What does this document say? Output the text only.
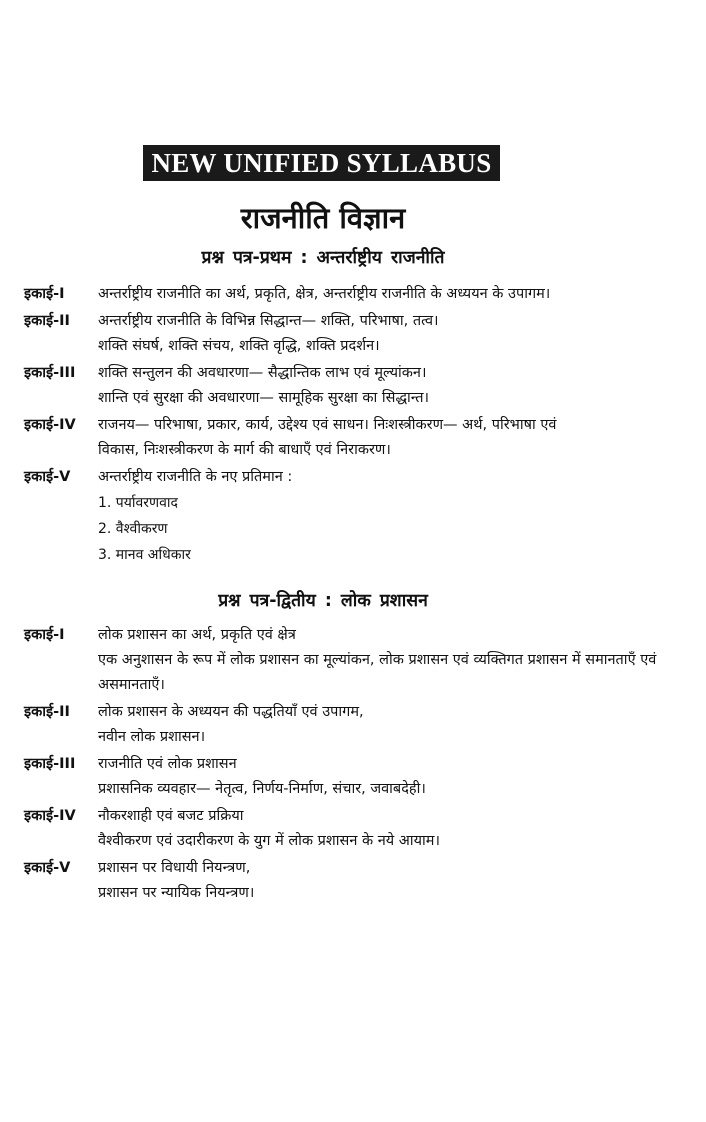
NEW UNIFIED SYLLABUS
राजनीति विज्ञान
प्रश्न पत्र-प्रथम : अन्तर्राष्ट्रीय राजनीति
इकाई-I	अन्तर्राष्ट्रीय राजनीति का अर्थ, प्रकृति, क्षेत्र, अन्तर्राष्ट्रीय राजनीति के अध्ययन के उपागम।
इकाई-II	अन्तर्राष्ट्रीय राजनीति के विभिन्न सिद्धान्त— शक्ति, परिभाषा, तत्व।
शक्ति संघर्ष, शक्ति संचय, शक्ति वृद्धि, शक्ति प्रदर्शन।
इकाई-III	शक्ति सन्तुलन की अवधारणा— सैद्धान्तिक लाभ एवं मूल्यांकन।
शान्ति एवं सुरक्षा की अवधारणा— सामूहिक सुरक्षा का सिद्धान्त।
इकाई-IV	राजनय— परिभाषा, प्रकार, कार्य, उद्देश्य एवं साधन। निःशस्त्रीकरण— अर्थ, परिभाषा एवं
विकास, निःशस्त्रीकरण के मार्ग की बाधाएँ एवं निराकरण।
इकाई-V	अन्तर्राष्ट्रीय राजनीति के नए प्रतिमान :
1. पर्यावरणवाद
2. वैश्वीकरण
3. मानव अधिकार
प्रश्न पत्र-द्वितीय : लोक प्रशासन
इकाई-I	लोक प्रशासन का अर्थ, प्रकृति एवं क्षेत्र
एक अनुशासन के रूप में लोक प्रशासन का मूल्यांकन, लोक प्रशासन एवं व्यक्तिगत प्रशासन में समानताएँ एवं असमानताएँ।
इकाई-II	लोक प्रशासन के अध्ययन की पद्धतियाँ एवं उपागम,
नवीन लोक प्रशासन।
इकाई-III	राजनीति एवं लोक प्रशासन
प्रशासनिक व्यवहार— नेतृत्व, निर्णय-निर्माण, संचार, जवाबदेही।
इकाई-IV	नौकरशाही एवं बजट प्रक्रिया
वैश्वीकरण एवं उदारीकरण के युग में लोक प्रशासन के नये आयाम।
इकाई-V	प्रशासन पर विधायी नियन्त्रण,
प्रशासन पर न्यायिक नियन्त्रण।
